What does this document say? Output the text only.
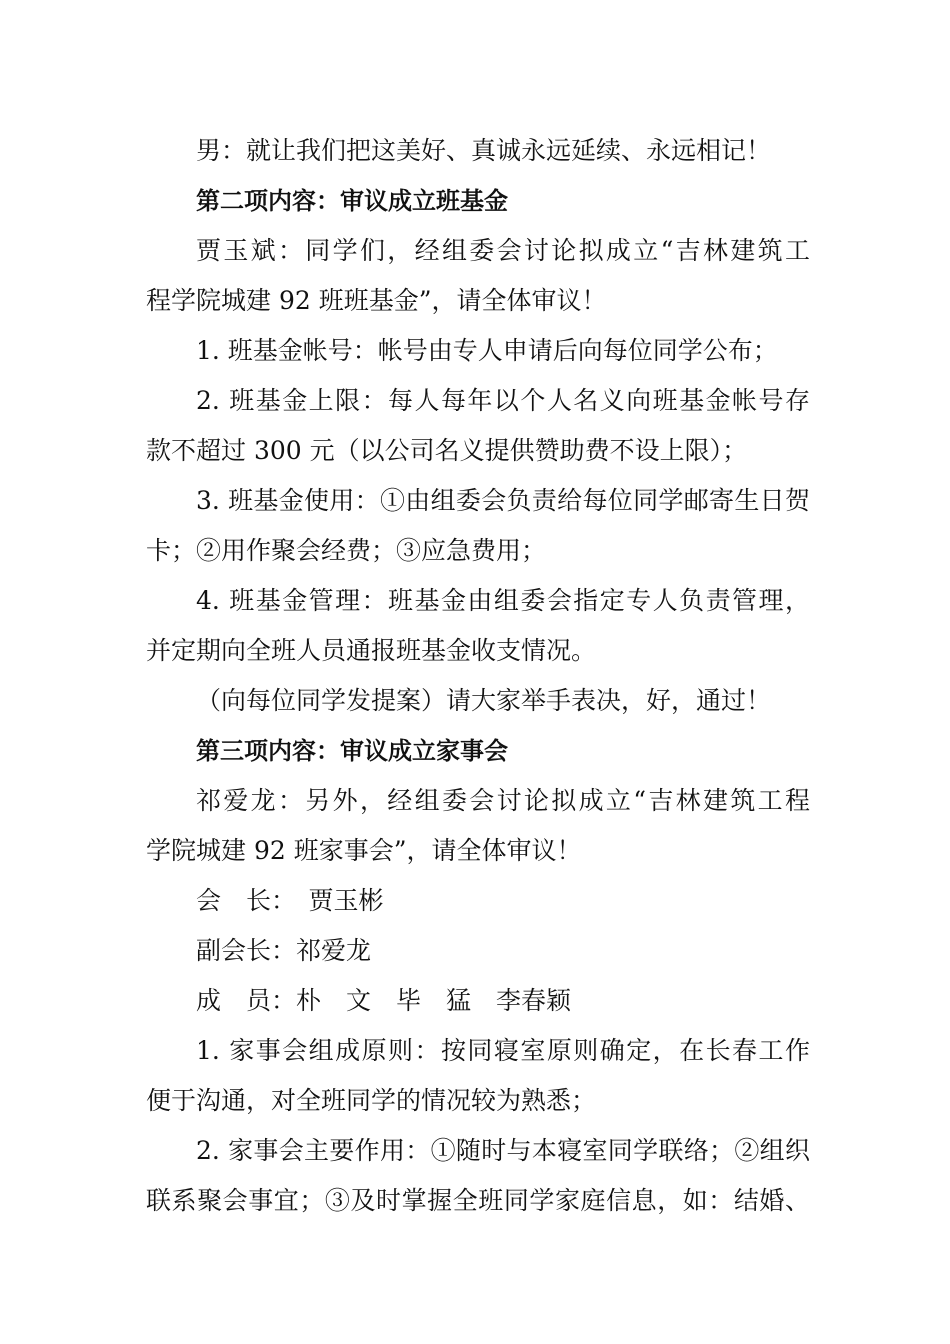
男：就让我们把这美好、真诚永远延续、永远相记！
第二项内容：审议成立班基金
贾玉斌：同学们，经组委会讨论拟成立“吉林建筑工
程学院城建 92 班班基金”，请全体审议！
1. 班基金帐号：帐号由专人申请后向每位同学公布；
2. 班基金上限：每人每年以个人名义向班基金帐号存
款不超过 300 元（以公司名义提供赞助费不设上限）；
3. 班基金使用：①由组委会负责给每位同学邮寄生日贺
卡；②用作聚会经费；③应急费用；
4. 班基金管理：班基金由组委会指定专人负责管理，
并定期向全班人员通报班基金收支情况。
（向每位同学发提案）请大家举手表决，好，通过！
第三项内容：审议成立家事会
祁爱龙：另外，经组委会讨论拟成立“吉林建筑工程
学院城建 92 班家事会”，请全体审议！
会　长：　贾玉彬
副会长：祁爱龙
成　员：朴　文　毕　猛　李春颖
1. 家事会组成原则：按同寝室原则确定，在长春工作
便于沟通，对全班同学的情况较为熟悉；
2. 家事会主要作用：①随时与本寝室同学联络；②组织
联系聚会事宜；③及时掌握全班同学家庭信息，如：结婚、
